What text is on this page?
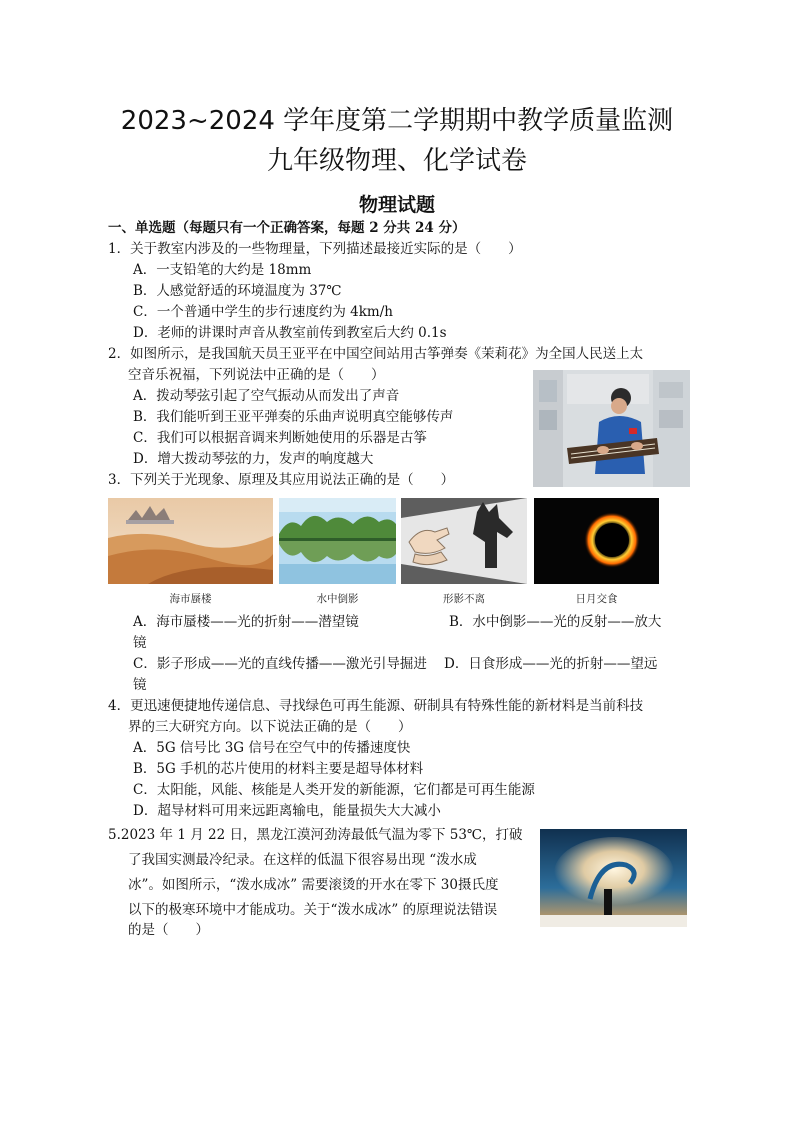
2023~2024 学年度第二学期期中教学质量监测
九年级物理、化学试卷
物理试题
一、单选题（每题只有一个正确答案，每题 2 分共 24 分）
1．关于教室内涉及的一些物理量，下列描述最接近实际的是（　　）
A．一支铅笔的大约是 18mm
B．人感觉舒适的环境温度为 37℃
C．一个普通中学生的步行速度约为 4km/h
D．老师的讲课时声音从教室前传到教室后大约 0.1s
2．如图所示，是我国航天员王亚平在中国空间站用古筝弹奏《茉莉花》为全国人民送上太
空音乐祝福，下列说法中正确的是（　　）
A．拨动琴弦引起了空气振动从而发出了声音
B．我们能听到王亚平弹奏的乐曲声说明真空能够传声
C．我们可以根据音调来判断她使用的乐器是古筝
D．增大拨动琴弦的力，发声的响度越大
3．下列关于光现象、原理及其应用说法正确的是（　　）
海市蜃楼	水中倒影	形影不离	日月交食
A．海市蜃楼——光的折射——潜望镜	B．水中倒影——光的反射——放大
镜
C．影子形成——光的直线传播——激光引导掘进 D．日食形成——光的折射——望远
镜
4．更迅速便捷地传递信息、寻找绿色可再生能源、研制具有特殊性能的新材料是当前科技
界的三大研究方向。以下说法正确的是（　　）
A．5G 信号比 3G 信号在空气中的传播速度快
B．5G 手机的芯片使用的材料主要是超导体材料
C．太阳能，风能、核能是人类开发的新能源，它们都是可再生能源
D．超导材料可用来远距离输电，能量损失大大减小
5.2023 年 1 月 22 日，黑龙江漠河劲涛最低气温为零下 53℃，打破
了我国实测最冷纪录。在这样的低温下很容易出现 “泼水成
冰”。如图所示，“泼水成冰” 需要滚烫的开水在零下 30摄氏度
以下的极寒环境中才能成功。关于“泼水成冰” 的原理说法错误
的是（　　）
